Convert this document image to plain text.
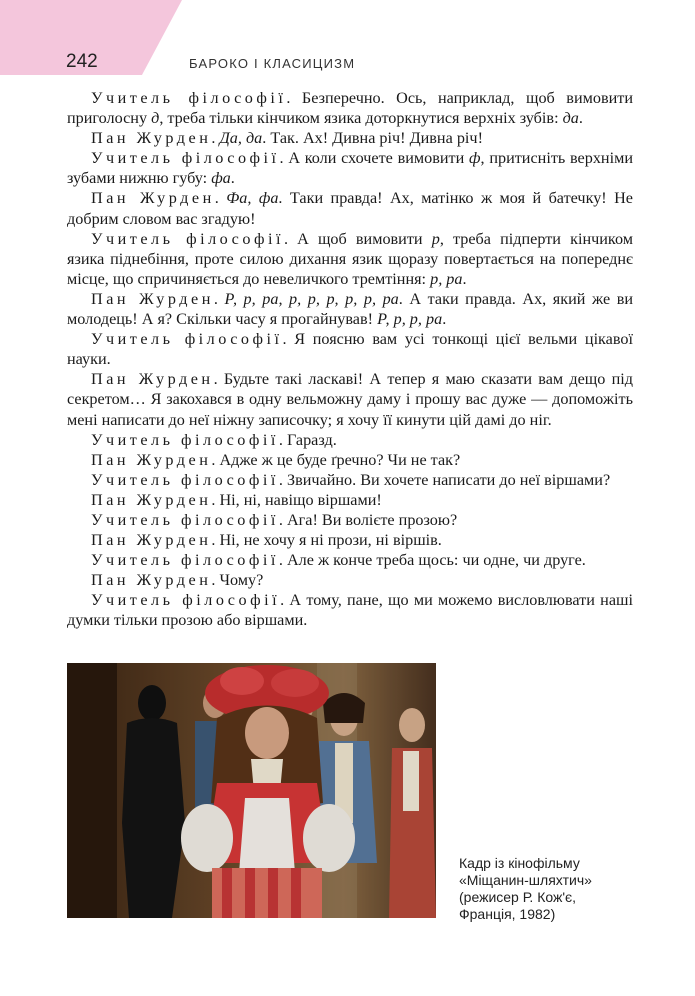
242	БАРОКО І КЛАСИЦИЗМ

Учитель філософії. Безперечно. Ось, наприклад, щоб вимовити приголосну д, треба тільки кінчиком язика доторкнутися верхніх зубів: да.

Пан Журден. Да, да. Так. Ах! Дивна річ! Дивна річ!

Учитель філософії. А коли схочете вимовити ф, притисніть верхніми зубами нижню губу: фа.

Пан Журден. Фа, фа. Таки правда! Ах, матінко ж моя й батечку! Не добрим словом вас згадую!

Учитель філософії. А щоб вимовити р, треба підперти кінчиком язика піднебіння, проте силою дихання язик щоразу повертається на попереднє місце, що спричиняється до невеличкого тремтіння: р, ра.

Пан Журден. Р, р, ра, р, р, р, р, р, ра. А таки правда. Ах, який же ви молодець! А я? Скільки часу я прогайнував! Р, р, р, ра.

Учитель філософії. Я поясню вам усі тонкощі цієї вельми цікавої науки.

Пан Журден. Будьте такі ласкаві! А тепер я маю сказати вам дещо під секретом… Я закохався в одну вельможну даму і прошу вас дуже — допоможіть мені написати до неї ніжну записочку; я хочу її кинути цій дамі до ніг.

Учитель філософії. Гаразд.

Пан Журден. Адже ж це буде ґречно? Чи не так?

Учитель філософії. Звичайно. Ви хочете написати до неї віршами?

Пан Журден. Ні, ні, навіщо віршами!

Учитель філософії. Ага! Ви волієте прозою?

Пан Журден. Ні, не хочу я ні прози, ні віршів.

Учитель філософії. Але ж конче треба щось: чи одне, чи друге.

Пан Журден. Чому?

Учитель філософії. А тому, пане, що ми можемо висловлювати наші думки тільки прозою або віршами.

Кадр із кінофільму
«Міщанин-шляхтич»
(режисер Р. Кож'є,
Франція, 1982)
